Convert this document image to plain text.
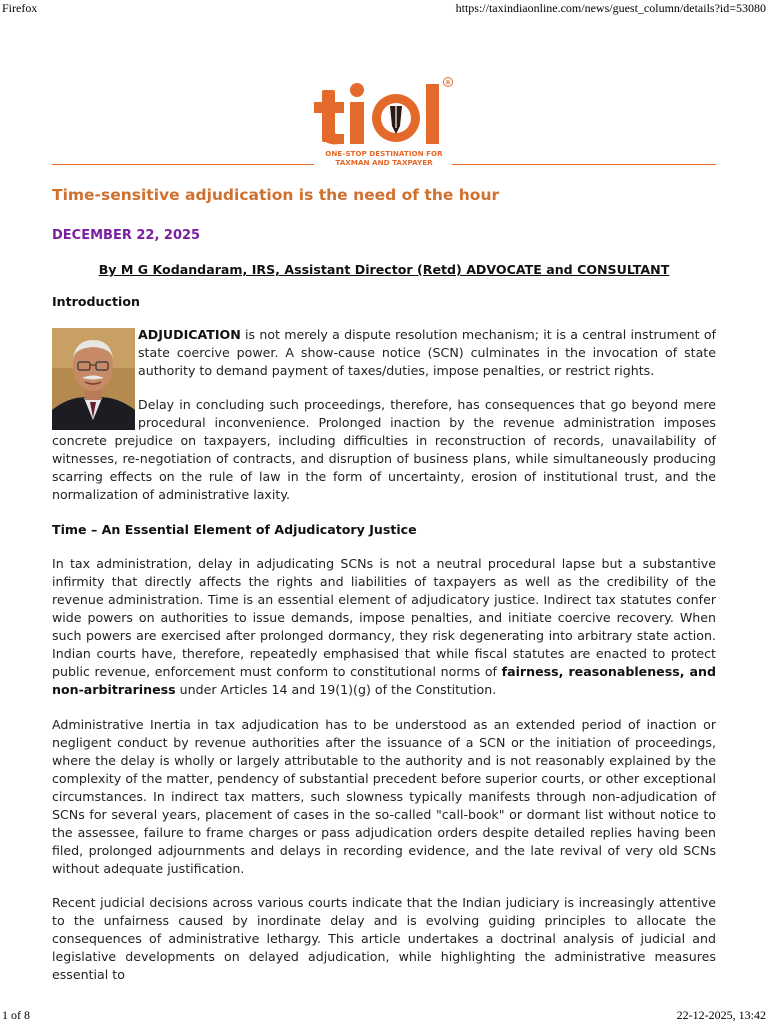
Firefox	https://taxindiaonline.com/news/guest_column/details?id=53080
®
ONE-STOP DESTINATION FOR
TAXMAN AND TAXPAYER
Time-sensitive adjudication is the need of the hour
DECEMBER 22, 2025
By M G Kodandaram, IRS, Assistant Director (Retd) ADVOCATE and CONSULTANT
Introduction

ADJUDICATION is not merely a dispute resolution mechanism; it is a central instrument of state coercive power. A show-cause notice (SCN) culminates in the invocation of state authority to demand payment of taxes/duties, impose penalties, or restrict rights.

Delay in concluding such proceedings, therefore, has consequences that go beyond mere procedural inconvenience. Prolonged inaction by the revenue administration imposes concrete prejudice on taxpayers, including difficulties in reconstruction of records, unavailability of witnesses, re-negotiation of contracts, and disruption of business plans, while simultaneously producing scarring effects on the rule of law in the form of uncertainty, erosion of institutional trust, and the normalization of administrative laxity.

Time – An Essential Element of Adjudicatory Justice

In tax administration, delay in adjudicating SCNs is not a neutral procedural lapse but a substantive infirmity that directly affects the rights and liabilities of taxpayers as well as the credibility of the revenue administration. Time is an essential element of adjudicatory justice. Indirect tax statutes confer wide powers on authorities to issue demands, impose penalties, and initiate coercive recovery. When such powers are exercised after prolonged dormancy, they risk degenerating into arbitrary state action. Indian courts have, therefore, repeatedly emphasised that while fiscal statutes are enacted to protect public revenue, enforcement must conform to constitutional norms of fairness, reasonableness, and non-arbitrariness under Articles 14 and 19(1)(g) of the Constitution.

Administrative Inertia in tax adjudication has to be understood as an extended period of inaction or negligent conduct by revenue authorities after the issuance of a SCN or the initiation of proceedings, where the delay is wholly or largely attributable to the authority and is not reasonably explained by the complexity of the matter, pendency of substantial precedent before superior courts, or other exceptional circumstances. In indirect tax matters, such slowness typically manifests through non-adjudication of SCNs for several years, placement of cases in the so-called "call-book" or dormant list without notice to the assessee, failure to frame charges or pass adjudication orders despite detailed replies having been filed, prolonged adjournments and delays in recording evidence, and the late revival of very old SCNs without adequate justification.

Recent judicial decisions across various courts indicate that the Indian judiciary is increasingly attentive to the unfairness caused by inordinate delay and is evolving guiding principles to allocate the consequences of administrative lethargy. This article undertakes a doctrinal analysis of judicial and legislative developments on delayed adjudication, while highlighting the administrative measures essential to

1 of 8	22-12-2025, 13:42
